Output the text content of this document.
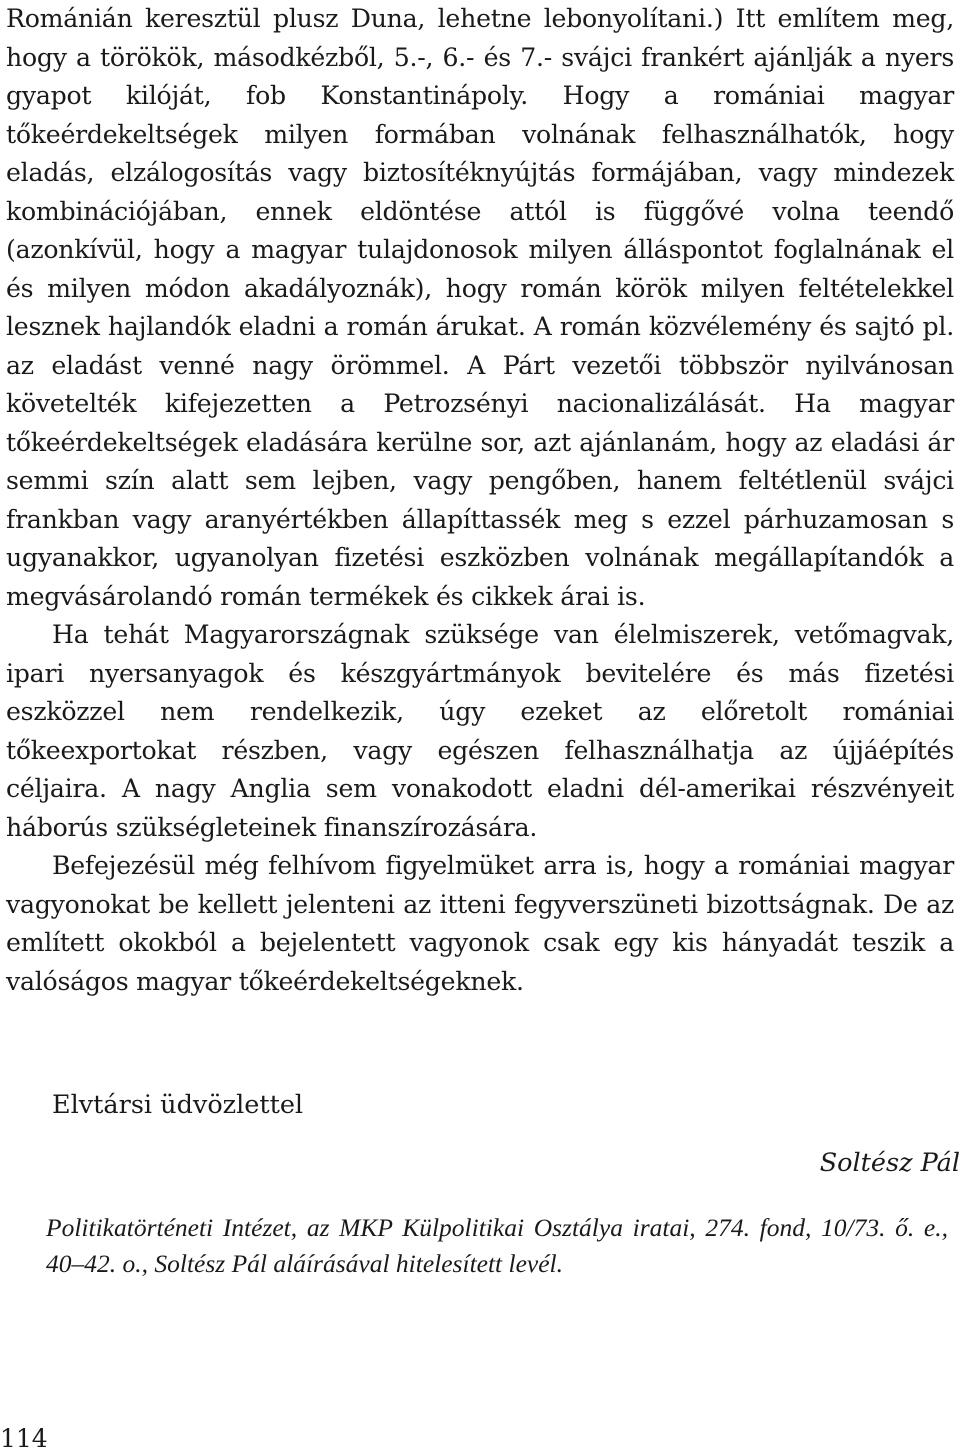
Románián keresztül plusz Duna, lehetne lebonyolítani.) Itt említem meg, hogy a törökök, másodkézből, 5.-, 6.- és 7.- svájci frankért ajánlják a nyers gyapot kilóját, fob Konstantinápoly. Hogy a romániai magyar tőkeérdekeltségek milyen formában volnának felhasználhatók, hogy eladás, elzálogosítás vagy biztosítéknyújtás formájában, vagy mindezek kombinációjában, ennek eldöntése attól is függővé volna teendő (azonkívül, hogy a magyar tulajdonosok milyen álláspontot foglalnának el és milyen módon akadályoznák), hogy román körök milyen feltételekkel lesznek hajlandók eladni a román árukat. A román közvélemény és sajtó pl. az eladást venné nagy örömmel. A Párt vezetői többször nyilvánosan követelték kifejezetten a Petrozsényi nacionalizálását. Ha magyar tőkeérdekeltségek eladására kerülne sor, azt ajánlanám, hogy az eladási ár semmi szín alatt sem lejben, vagy pengőben, hanem feltétlenül svájci frankban vagy aranyértékben állapíttassék meg s ezzel párhuzamosan s ugyanakkor, ugyanolyan fizetési eszközben volnának megállapítandók a megvásárolandó román termékek és cikkek árai is.

Ha tehát Magyarországnak szüksége van élelmiszerek, vetőmagvak, ipari nyersanyagok és készgyártmányok bevitelére és más fizetési eszközzel nem rendelkezik, úgy ezeket az előretolt romániai tőkeexportokat részben, vagy egészen felhasználhatja az újjáépítés céljaira. A nagy Anglia sem vonakodott eladni dél-amerikai részvényeit háborús szükségleteinek finanszírozására.

Befejezésül még felhívom figyelmüket arra is, hogy a romániai magyar vagyonokat be kellett jelenteni az itteni fegyverszüneti bizottságnak. De az említett okokból a bejelentett vagyonok csak egy kis hányadát teszik a valóságos magyar tőkeérdekeltségeknek.

Elvtársi üdvözlettel

Soltész Pál

Politikatörténeti Intézet, az MKP Külpolitikai Osztálya iratai, 274. fond, 10/73. ő. e., 40–42. o., Soltész Pál aláírásával hitelesített levél.

114
